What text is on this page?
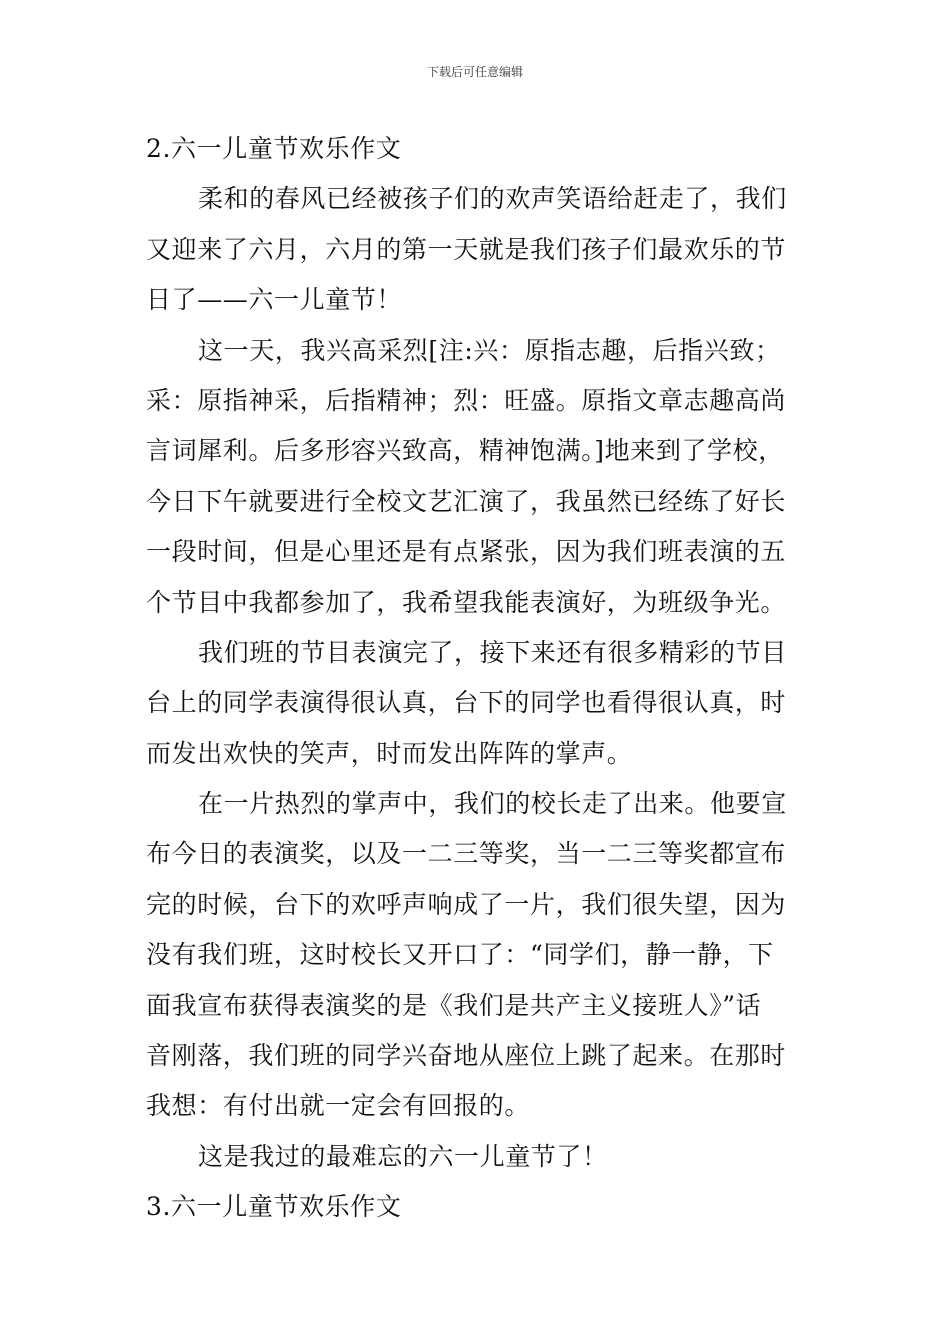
下载后可任意编辑
2.六一儿童节欢乐作文
柔和的春风已经被孩子们的欢声笑语给赶走了，我们
又迎来了六月，六月的第一天就是我们孩子们最欢乐的节
日了——六一儿童节！
这一天，我兴高采烈[注:兴：原指志趣，后指兴致；
采：原指神采，后指精神；烈：旺盛。原指文章志趣高尚
言词犀利。后多形容兴致高，精神饱满。]地来到了学校，
今日下午就要进行全校文艺汇演了，我虽然已经练了好长
一段时间，但是心里还是有点紧张，因为我们班表演的五
个节目中我都参加了，我希望我能表演好，为班级争光。
我们班的节目表演完了，接下来还有很多精彩的节目
台上的同学表演得很认真，台下的同学也看得很认真，时
而发出欢快的笑声，时而发出阵阵的掌声。
在一片热烈的掌声中，我们的校长走了出来。他要宣
布今日的表演奖，以及一二三等奖，当一二三等奖都宣布
完的时候，台下的欢呼声响成了一片，我们很失望，因为
没有我们班，这时校长又开口了：“同学们，静一静，下
面我宣布获得表演奖的是《我们是共产主义接班人》”话
音刚落，我们班的同学兴奋地从座位上跳了起来。在那时
我想：有付出就一定会有回报的。
这是我过的最难忘的六一儿童节了！
3.六一儿童节欢乐作文
